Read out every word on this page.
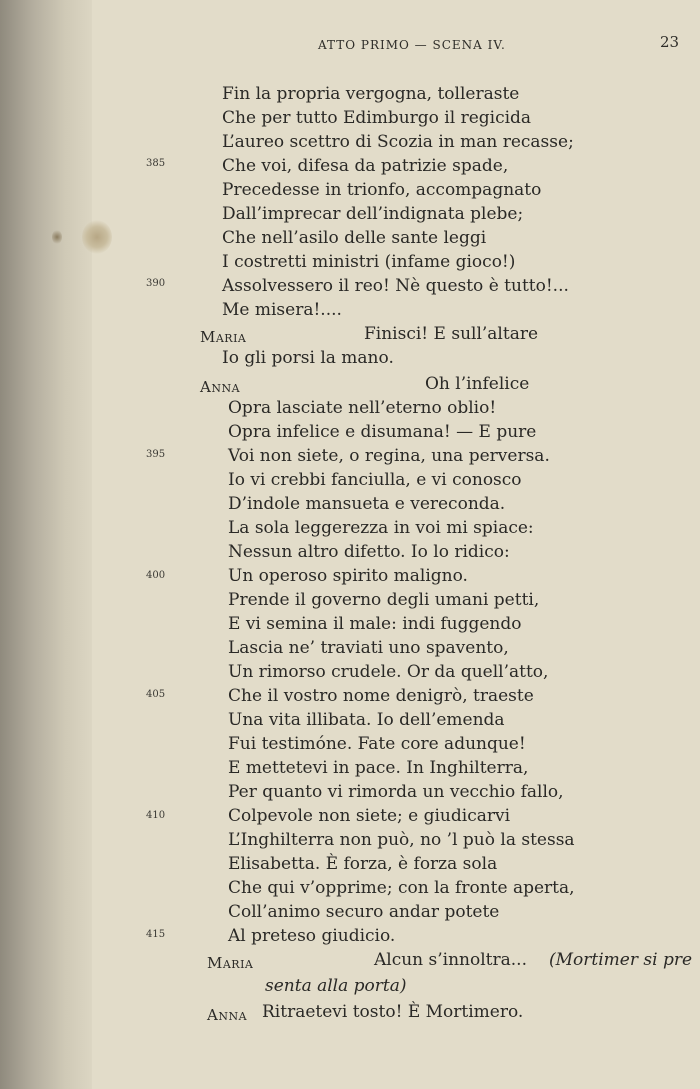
ATTO PRIMO — SCENA IV.	23
385
390
395
400
405
410
415
Fin la propria vergogna, tolleraste
Che per tutto Edimburgo il regicida
L’aureo scettro di Scozia in man recasse;
Che voi, difesa da patrizie spade,
Precedesse in trionfo, accompagnato
Dall’imprecar dell’indignata plebe;
Che nell’asilo delle sante leggi
I costretti ministri (infame gioco!)
Assolvessero il reo! Nè questo è tutto!...
Me misera!....
Maria	Finisci! E sull’altare
Io gli porsi la mano.
Anna	Oh l’infelice
Opra lasciate nell’eterno oblio!
Opra infelice e disumana! — E pure
Voi non siete, o regina, una perversa.
Io vi crebbi fanciulla, e vi conosco
D’indole mansueta e vereconda.
La sola leggerezza in voi mi spiace:
Nessun altro difetto. Io lo ridico:
Un operoso spirito maligno.
Prende il governo degli umani petti,
E vi semina il male: indi fuggendo
Lascia ne’ traviati uno spavento,
Un rimorso crudele. Or da quell’atto,
Che il vostro nome denigrò, traeste
Una vita illibata. Io dell’emenda
Fui testimóne. Fate core adunque!
E mettetevi in pace. In Inghilterra,
Per quanto vi rimorda un vecchio fallo,
Colpevole non siete; e giudicarvi
L’Inghilterra non può, no ’l può la stessa
Elisabetta. È forza, è forza sola
Che qui v’opprime; con la fronte aperta,
Coll’animo securo andar potete
Al preteso giudicio.
Maria	Alcun s’innoltra... (Mortimer si pre
senta alla porta)
Anna Ritraetevi tosto! È Mortimero.
